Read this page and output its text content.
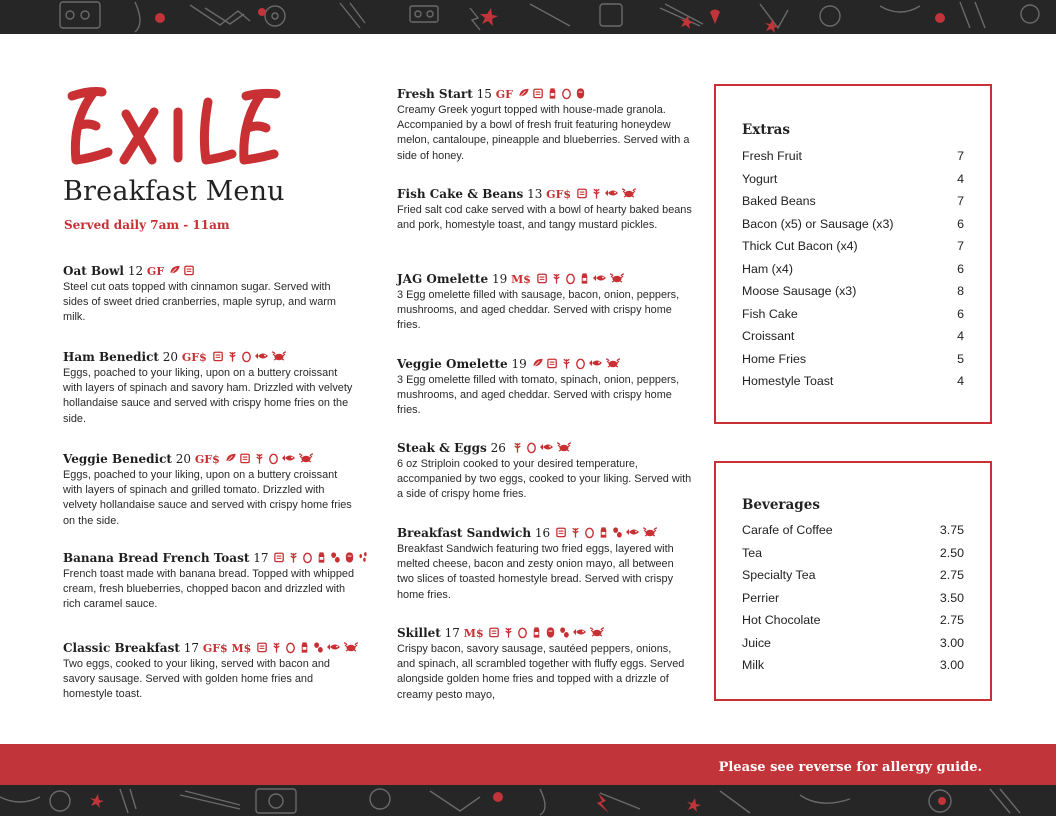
Breakfast Menu
Served daily 7am - 11am
Oat Bowl 12 GF
Steel cut oats topped with cinnamon sugar. Served with sides of sweet dried cranberries, maple syrup, and warm milk.
Ham Benedict 20 GF$
Eggs, poached to your liking, upon on a buttery croissant with layers of spinach and savory ham. Drizzled with velvety hollandaise sauce and served with crispy home fries on the side.
Veggie Benedict 20 GF$
Eggs, poached to your liking, upon on a buttery croissant with layers of spinach and grilled tomato. Drizzled with velvety hollandaise sauce and served with crispy home fries on the side.
Banana Bread French Toast 17
French toast made with banana bread. Topped with whipped cream, fresh blueberries, chopped bacon and drizzled with rich caramel sauce.
Classic Breakfast 17 GF$ M$
Two eggs, cooked to your liking, served with bacon and savory sausage. Served with golden home fries and homestyle toast.
Fresh Start 15 GF
Creamy Greek yogurt topped with house-made granola. Accompanied by a bowl of fresh fruit featuring honeydew melon, cantaloupe, pineapple and blueberries. Served with a side of honey.
Fish Cake & Beans 13 GF$
Fried salt cod cake served with a bowl of hearty baked beans and pork, homestyle toast, and tangy mustard pickles.
JAG Omelette 19 M$
3 Egg omelette filled with sausage, bacon, onion, peppers, mushrooms, and aged cheddar. Served with crispy home fries.
Veggie Omelette 19
3 Egg omelette filled with tomato, spinach, onion, peppers, mushrooms, and aged cheddar. Served with crispy home fries.
Steak & Eggs 26
6 oz Striploin cooked to your desired temperature, accompanied by two eggs, cooked to your liking. Served with a side of crispy home fries.
Breakfast Sandwich 16
Breakfast Sandwich featuring two fried eggs, layered with melted cheese, bacon and zesty onion mayo, all between two slices of toasted homestyle bread. Served with crispy home fries.
Skillet 17 M$
Crispy bacon, savory sausage, sautéed peppers, onions, and spinach, all scrambled together with fluffy eggs. Served alongside golden home fries and topped with a drizzle of creamy pesto mayo,
Extras
Fresh Fruit	7
Yogurt	4
Baked Beans	7
Bacon (x5) or Sausage (x3)	6
Thick Cut Bacon (x4)	7
Ham (x4)	6
Moose Sausage (x3)	8
Fish Cake	6
Croissant	4
Home Fries	5
Homestyle Toast	4
Beverages
Carafe of Coffee	3.75
Tea	2.50
Specialty Tea	2.75
Perrier	3.50
Hot Chocolate	2.75
Juice	3.00
Milk	3.00
Please see reverse for allergy guide.
